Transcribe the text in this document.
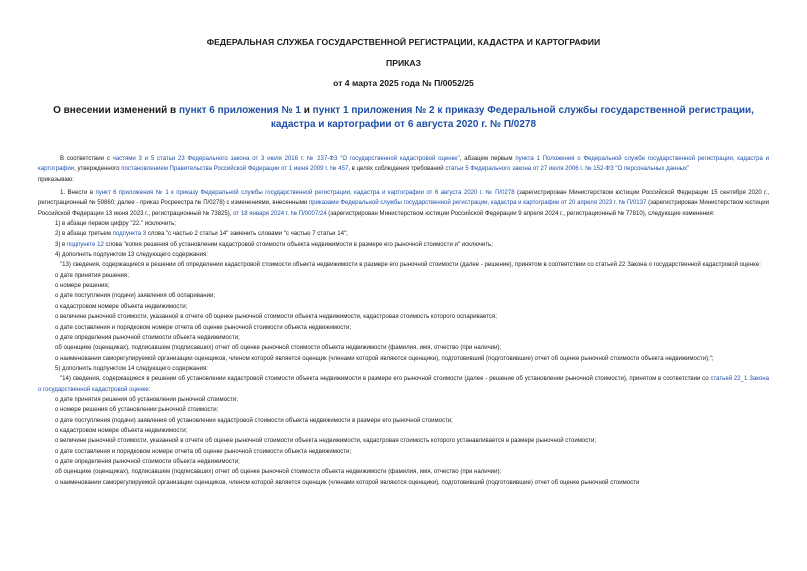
ФЕДЕРАЛЬНАЯ СЛУЖБА ГОСУДАРСТВЕННОЙ РЕГИСТРАЦИИ, КАДАСТРА И КАРТОГРАФИИ
ПРИКАЗ
от 4 марта 2025 года № П/0052/25
О внесении изменений в пункт 6 приложения № 1 и пункт 1 приложения № 2 к приказу Федеральной службы государственной регистрации, кадастра и картографии от 6 августа 2020 г. № П/0278

В соответствии с частями 3 и 5 статьи 23 Федерального закона от 3 июля 2016 г. № 237-ФЗ "О государственной кадастровой оценке", абзацем первым пункта 1 Положения о Федеральной службе государственной регистрации, кадастра и картографии, утвержденного постановлением Правительства Российской Федерации от 1 июня 2009 г. № 457, в целях соблюдения требований статьи 5 Федерального закона от 27 июля 2006 г. № 152-ФЗ "О персональных данных"

приказываю:

1. Внести в пункт 6 приложения № 1 к приказу Федеральной службы государственной регистрации, кадастра и картографии от 6 августа 2020 г. № П/0278 (зарегистрирован Министерством юстиции Российской Федерации 15 сентября 2020 г., регистрационный № 59860; далее - приказ Росреестра № П/0278) с изменениями, внесенными приказами Федеральной службы государственной регистрации, кадастра и картографии от 20 апреля 2023 г. № П/0137 (зарегистрирован Министерством юстиции Российской Федерации 13 июня 2023 г., регистрационный № 73825), от 18 января 2024 г. № П/0007/24 (зарегистрирован Министерством юстиции Российской Федерации 9 апреля 2024 г., регистрационный № 77810), следующие изменения:

1) в абзаце первом цифру "22." исключить;

2) в абзаце третьем подпункта 3 слова "с частью 2 статьи 14" заменить словами "с частью 7 статьи 14";

3) в подпункте 12 слова "копия решения об установлении кадастровой стоимости объекта недвижимости в размере его рыночной стоимости и" исключить;

4) дополнить подпунктом 13 следующего содержания:

"13) сведения, содержащиеся в решении об определении кадастровой стоимости объекта недвижимости в размере его рыночной стоимости (далее - решение), принятом в соответствии со статьей 22 Закона о государственной кадастровой оценке:

о дате принятия решения;

о номере решения;

о дате поступления (подачи) заявления об оспаривании;

о кадастровом номере объекта недвижимости;

о величине рыночной стоимости, указанной в отчете об оценке рыночной стоимости объекта недвижимости, кадастровая стоимость которого оспаривается;

о дате составления и порядковом номере отчета об оценке рыночной стоимости объекта недвижимости;

о дате определения рыночной стоимости объекта недвижимости;

об оценщике (оценщиках), подписавшем (подписавших) отчет об оценке рыночной стоимости объекта недвижимости (фамилия, имя, отчество (при наличии);

о наименовании саморегулируемой организации оценщиков, членом которой является оценщик (членами которой являются оценщики), подготовивший (подготовившие) отчет об оценке рыночной стоимости объекта недвижимости);";

5) дополнить подпунктом 14 следующего содержания:

"14) сведения, содержащиеся в решении об установлении кадастровой стоимости объекта недвижимости в размере его рыночной стоимости (далее - решение об установлении рыночной стоимости), принятом в соответствии со статьей 22_1 Закона о государственной кадастровой оценке:

о дате принятия решения об установлении рыночной стоимости;

о номере решения об установлении рыночной стоимости;

о дате поступления (подачи) заявления об установлении кадастровой стоимости объекта недвижимости в размере его рыночной стоимости;

о кадастровом номере объекта недвижимости;

о величине рыночной стоимости, указанной в отчете об оценке рыночной стоимости объекта недвижимости, кадастровая стоимость которого устанавливается в размере рыночной стоимости;

о дате составления и порядковом номере отчета об оценке рыночной стоимости объекта недвижимости;

о дате определения рыночной стоимости объекта недвижимости;

об оценщике (оценщиках), подписавшем (подписавших) отчет об оценке рыночной стоимости объекта недвижимости (фамилия, имя, отчество (при наличии);

о наименовании саморегулируемой организации оценщиков, членом которой является оценщик (членами которой являются оценщики), подготовивший (подготовившие) отчет об оценке рыночной стоимости
